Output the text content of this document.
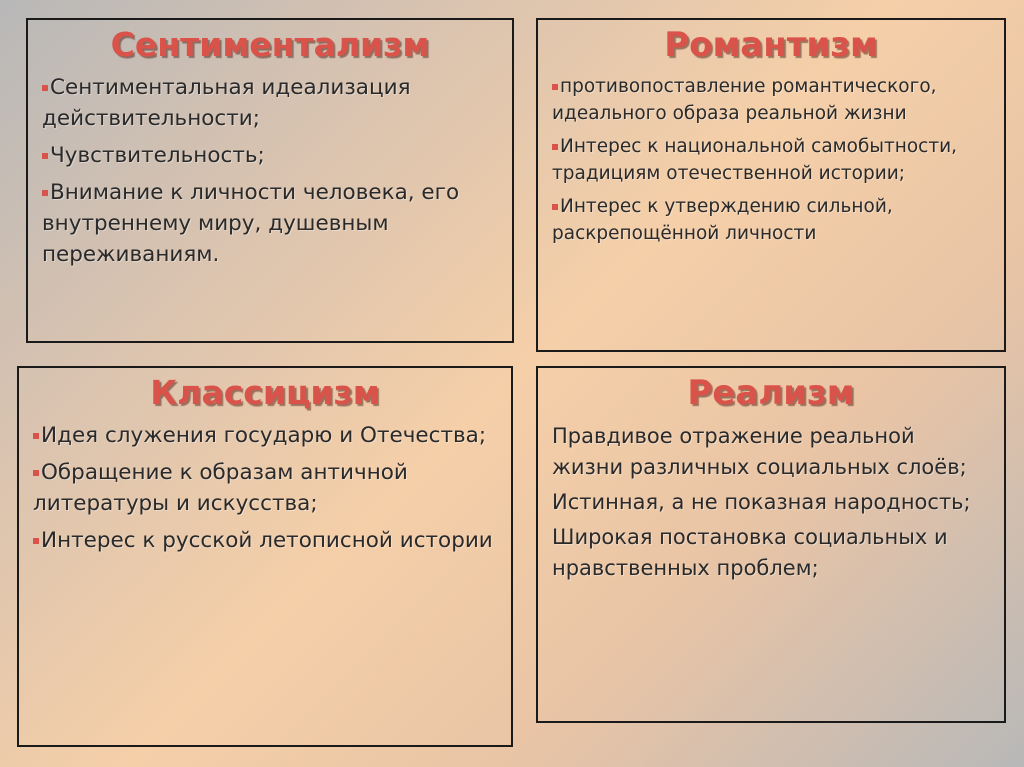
Сентиментализм
Сентиментальная идеализация действительности;
Чувствительность;
Внимание к личности человека, его внутреннему миру, душевным переживаниям.
Романтизм
противопоставление романтического, идеального образа реальной жизни
Интерес к национальной самобытности, традициям отечественной истории;
Интерес к утверждению сильной, раскрепощённой личности
Классицизм
Идея служения государю и Отечества;
Обращение к образам античной литературы и искусства;
Интерес к русской летописной истории
Реализм
Правдивое отражение реальной жизни различных социальных слоёв;
Истинная, а не показная народность;
Широкая постановка социальных и нравственных проблем;
